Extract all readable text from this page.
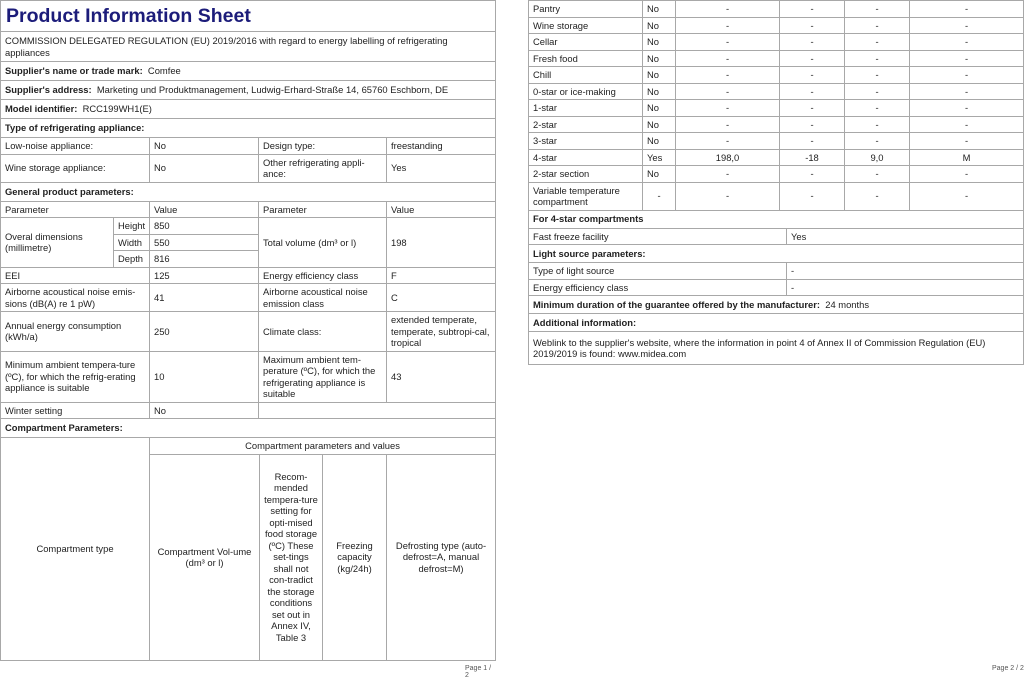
Product Information Sheet				
COMMISSION DELEGATED REGULATION (EU) 2019/2016 with regard to energy labelling of refrigerating appliances				
Supplier's name or trade mark: Comfee				
Supplier's address: Marketing und Produktmanagement, Ludwig-Erhard-Straße 14, 65760 Eschborn, DE				
Model identifier: RCC199WH1(E)				
Type of refrigerating appliance:				
Low-noise appliance:		No	Design type:	freestanding
Wine storage appliance:		No	Other refrigerating appli-ance:	Yes
General product parameters:				
Parameter		Value	Parameter	Value
Overal dimensions (millimetre)	Height	850	Total volume (dm³ or l)	198
	Width	550		
	Depth	816		
EEI		125	Energy efficiency class	F
Airborne acoustical noise emis-sions (dB(A) re 1 pW)		41	Airborne acoustical noise emission class	C
Annual energy consumption (kWh/a)		250	Climate class:	extended temperate, temperate, subtropi-cal, tropical
Minimum ambient tempera-ture (ºC), for which the refrig-erating appliance is suitable		10	Maximum ambient tem-perature (ºC), for which the refrigerating appliance is suitable	43
Winter setting		No		
Compartment Parameters:				
Compartment type	Compartment parameters and values			
	Compartment Vol-ume (dm³ or l)	Recom-mended tempera-ture setting for opti-mised food storage (ºC) These set-tings shall not con-tradict the storage conditions set out in Annex IV, Table 3	Freezing capacity (kg/24h)	Defrosting type (auto-defrost=A, manual defrost=M)
Page 1 / 2
Pantry	No	-	-	-	-
Wine storage	No	-	-	-	-
Cellar	No	-	-	-	-
Fresh food	No	-	-	-	-
Chill	No	-	-	-	-
0-star or ice-making	No	-	-	-	-
1-star	No	-	-	-	-
2-star	No	-	-	-	-
3-star	No	-	-	-	-
4-star	Yes	198,0	-18	9,0	M
2-star section	No	-	-	-	-
Variable temperature compartment	-	-	-	-	-
For 4-star compartments	
Fast freeze facility	Yes
Light source parameters:	
Type of light source	-
Energy efficiency class	-
Minimum duration of the guarantee offered by the manufacturer: 24 months	
Additional information:	
Weblink to the supplier's website, where the information in point 4 of Annex II of Commission Regulation (EU) 2019/2019 is found: www.midea.com	
Page 2 / 2
